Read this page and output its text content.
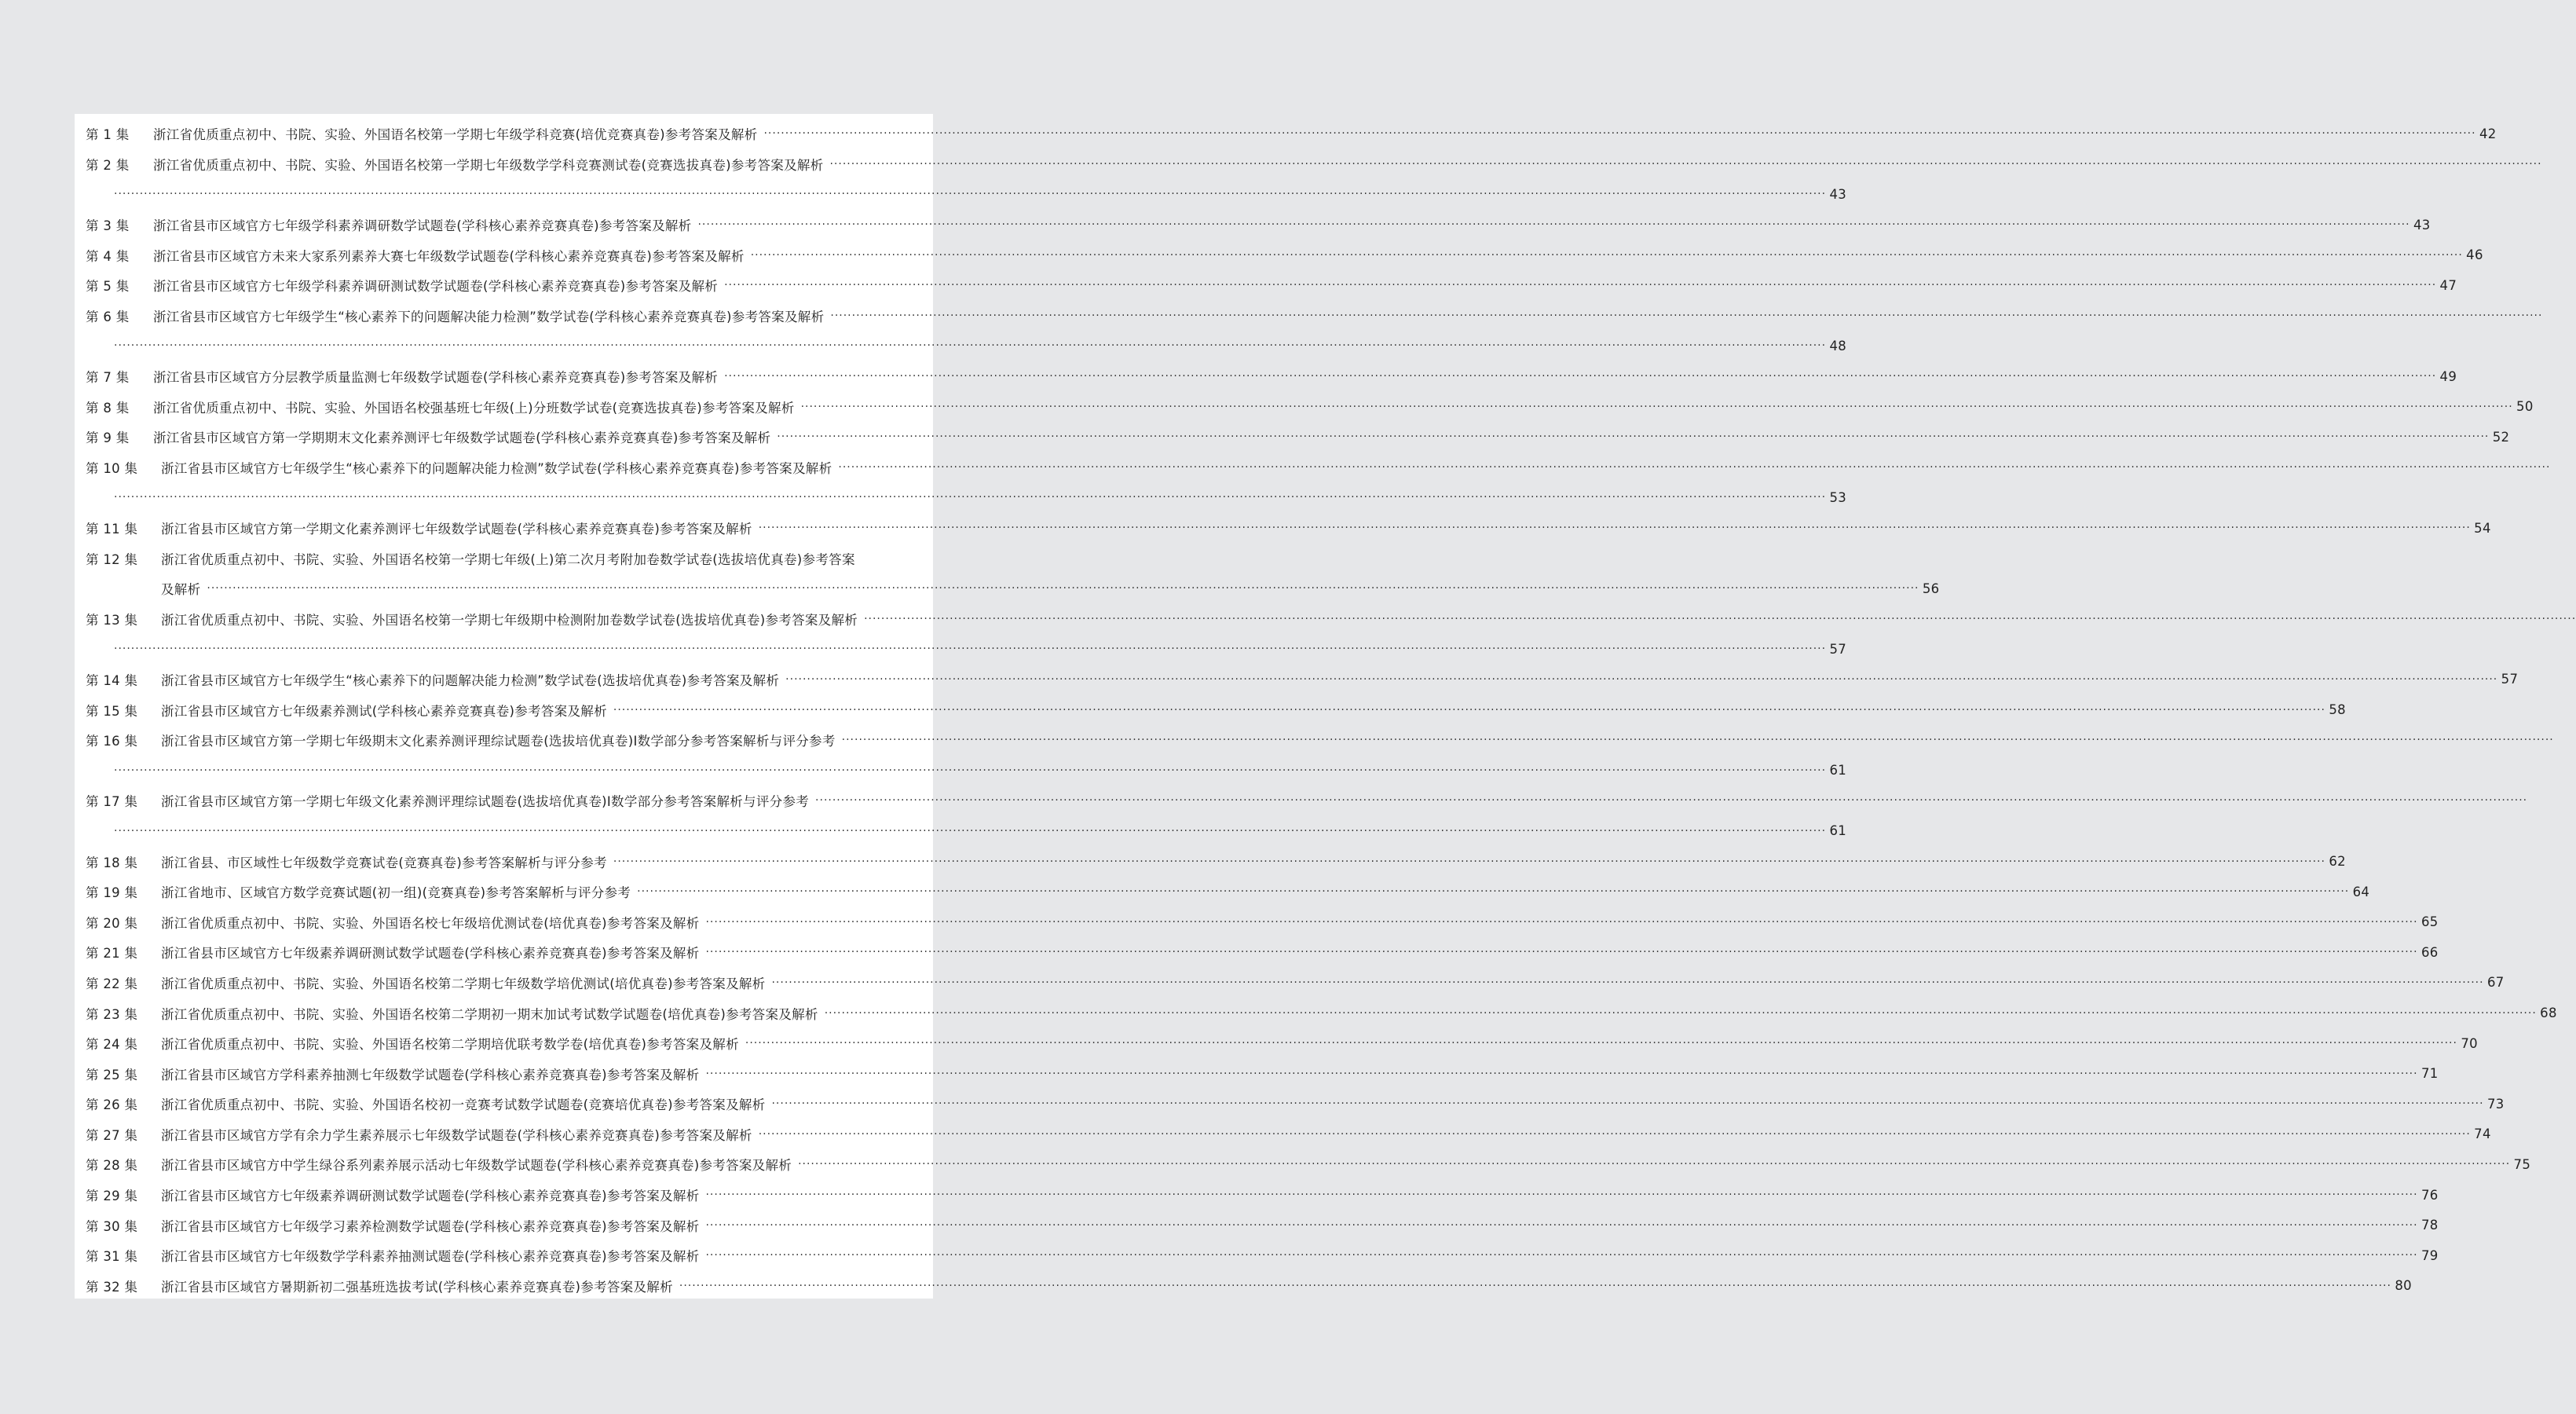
第 1 集	浙江省优质重点初中、书院、实验、外国语名校第一学期七年级学科竞赛(培优竞赛真卷)参考答案及解析 ················································································································································································································································································································································································································ 42
第 2 集	浙江省优质重点初中、书院、实验、外国语名校第一学期七年级数学学科竞赛测试卷(竞赛选拔真卷)参考答案及解析 ················································································································································································································································································································································································································
················································································································································································································································································································································································································ 43
第 3 集	浙江省县市区域官方七年级学科素养调研数学试题卷(学科核心素养竞赛真卷)参考答案及解析 ················································································································································································································································································································································································································ 43
第 4 集	浙江省县市区域官方未来大家系列素养大赛七年级数学试题卷(学科核心素养竞赛真卷)参考答案及解析 ················································································································································································································································································································································································································ 46
第 5 集	浙江省县市区域官方七年级学科素养调研测试数学试题卷(学科核心素养竞赛真卷)参考答案及解析 ················································································································································································································································································································································································································ 47
第 6 集	浙江省县市区域官方七年级学生“核心素养下的问题解决能力检测”数学试卷(学科核心素养竞赛真卷)参考答案及解析 ················································································································································································································································································································································································································
················································································································································································································································································································································································································ 48
第 7 集	浙江省县市区域官方分层教学质量监测七年级数学试题卷(学科核心素养竞赛真卷)参考答案及解析 ················································································································································································································································································································································································································ 49
第 8 集	浙江省优质重点初中、书院、实验、外国语名校强基班七年级(上)分班数学试卷(竞赛选拔真卷)参考答案及解析 ················································································································································································································································································································································································································ 50
第 9 集	浙江省县市区域官方第一学期期末文化素养测评七年级数学试题卷(学科核心素养竞赛真卷)参考答案及解析 ················································································································································································································································································································································································································ 52
第 10 集	浙江省县市区域官方七年级学生“核心素养下的问题解决能力检测”数学试卷(学科核心素养竞赛真卷)参考答案及解析 ················································································································································································································································································································································································································
················································································································································································································································································································································································································ 53
第 11 集	浙江省县市区域官方第一学期文化素养测评七年级数学试题卷(学科核心素养竞赛真卷)参考答案及解析 ················································································································································································································································································································································································································ 54
第 12 集	浙江省优质重点初中、书院、实验、外国语名校第一学期七年级(上)第二次月考附加卷数学试卷(选拔培优真卷)参考答案
及解析 ················································································································································································································································································································································································································ 56
第 13 集	浙江省优质重点初中、书院、实验、外国语名校第一学期七年级期中检测附加卷数学试卷(选拔培优真卷)参考答案及解析 ················································································································································································································································································································································································································
················································································································································································································································································································································································································ 57
第 14 集	浙江省县市区域官方七年级学生“核心素养下的问题解决能力检测”数学试卷(选拔培优真卷)参考答案及解析 ················································································································································································································································································································································································································ 57
第 15 集	浙江省县市区域官方七年级素养测试(学科核心素养竞赛真卷)参考答案及解析 ················································································································································································································································································································································································································ 58
第 16 集	浙江省县市区域官方第一学期七年级期末文化素养测评理综试题卷(选拔培优真卷)Ⅰ数学部分参考答案解析与评分参考 ················································································································································································································································································································································································································
················································································································································································································································································································································································································ 61
第 17 集	浙江省县市区域官方第一学期七年级文化素养测评理综试题卷(选拔培优真卷)Ⅰ数学部分参考答案解析与评分参考 ················································································································································································································································································································································································································
················································································································································································································································································································································································································ 61
第 18 集	浙江省县、市区域性七年级数学竞赛试卷(竞赛真卷)参考答案解析与评分参考 ················································································································································································································································································································································································································ 62
第 19 集	浙江省地市、区域官方数学竞赛试题(初一组)(竞赛真卷)参考答案解析与评分参考 ················································································································································································································································································································································································································ 64
第 20 集	浙江省优质重点初中、书院、实验、外国语名校七年级培优测试卷(培优真卷)参考答案及解析 ················································································································································································································································································································································································································ 65
第 21 集	浙江省县市区域官方七年级素养调研测试数学试题卷(学科核心素养竞赛真卷)参考答案及解析 ················································································································································································································································································································································································································ 66
第 22 集	浙江省优质重点初中、书院、实验、外国语名校第二学期七年级数学培优测试(培优真卷)参考答案及解析 ················································································································································································································································································································································································································ 67
第 23 集	浙江省优质重点初中、书院、实验、外国语名校第二学期初一期末加试考试数学试题卷(培优真卷)参考答案及解析 ················································································································································································································································································································································································································ 68
第 24 集	浙江省优质重点初中、书院、实验、外国语名校第二学期培优联考数学卷(培优真卷)参考答案及解析 ················································································································································································································································································································································································································ 70
第 25 集	浙江省县市区域官方学科素养抽测七年级数学试题卷(学科核心素养竞赛真卷)参考答案及解析 ················································································································································································································································································································································································································ 71
第 26 集	浙江省优质重点初中、书院、实验、外国语名校初一竞赛考试数学试题卷(竞赛培优真卷)参考答案及解析 ················································································································································································································································································································································································································ 73
第 27 集	浙江省县市区域官方学有余力学生素养展示七年级数学试题卷(学科核心素养竞赛真卷)参考答案及解析 ················································································································································································································································································································································································································ 74
第 28 集	浙江省县市区域官方中学生绿谷系列素养展示活动七年级数学试题卷(学科核心素养竞赛真卷)参考答案及解析 ················································································································································································································································································································································································································ 75
第 29 集	浙江省县市区域官方七年级素养调研测试数学试题卷(学科核心素养竞赛真卷)参考答案及解析 ················································································································································································································································································································································································································ 76
第 30 集	浙江省县市区域官方七年级学习素养检测数学试题卷(学科核心素养竞赛真卷)参考答案及解析 ················································································································································································································································································································································································································ 78
第 31 集	浙江省县市区域官方七年级数学学科素养抽测试题卷(学科核心素养竞赛真卷)参考答案及解析 ················································································································································································································································································································································································································ 79
第 32 集	浙江省县市区域官方暑期新初二强基班选拔考试(学科核心素养竞赛真卷)参考答案及解析 ················································································································································································································································································································································································································ 80
